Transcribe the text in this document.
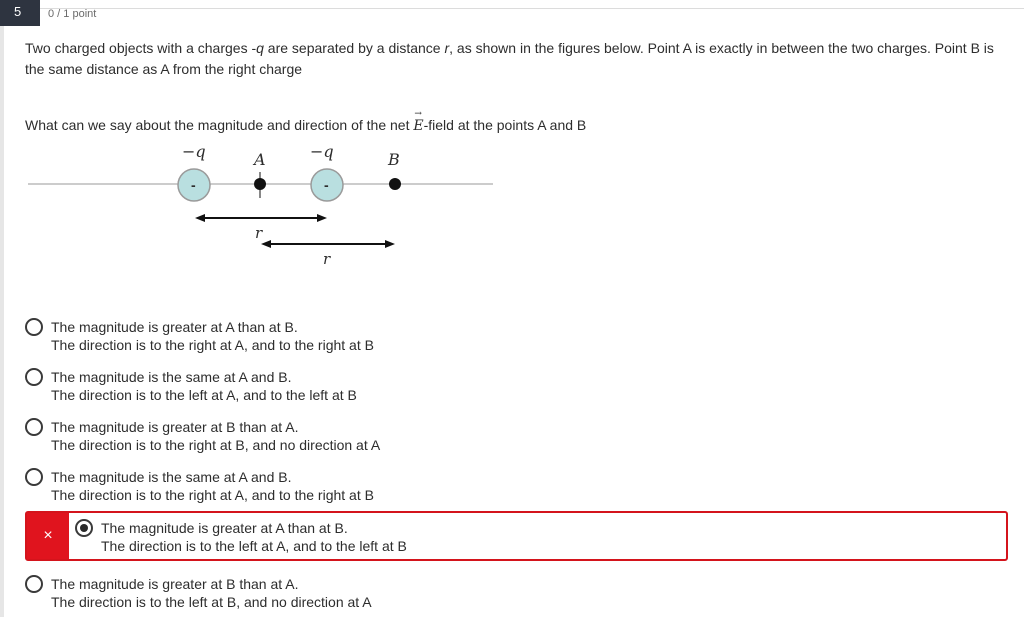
5	0 / 1 point
Two charged objects with a charges -q are separated by a distance r, as shown in the figures below. Point A is exactly in between the two charges. Point B is the same distance as A from the right charge
What can we say about the magnitude and direction of the net
→
E-field at the points A and B
−q	A	−q	B
-	-
r
r
The magnitude is greater at A than at B.
The direction is to the right at A, and to the right at B
The magnitude is the same at A and B.
The direction is to the left at A, and to the left at B
The magnitude is greater at B than at A.
The direction is to the right at B, and no direction at A
The magnitude is the same at A and B.
The direction is to the right at A, and to the right at B
×	The magnitude is greater at A than at B.
The direction is to the left at A, and to the left at B
The magnitude is greater at B than at A.
The direction is to the left at B, and no direction at A
